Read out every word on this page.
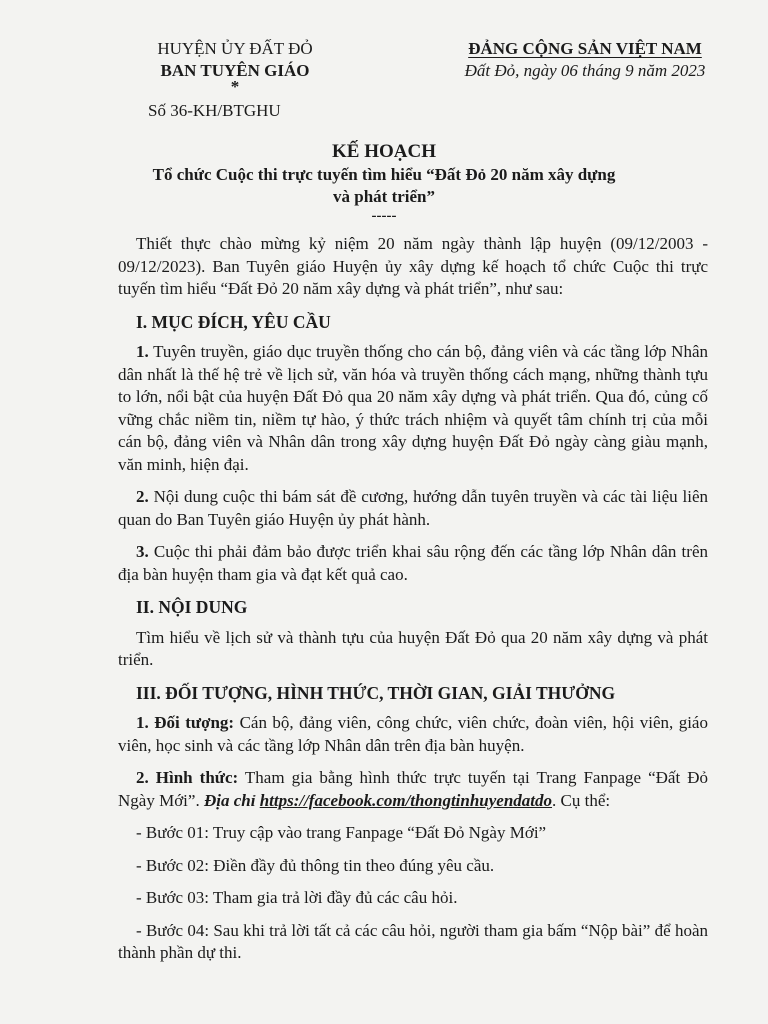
HUYỆN ỦY ĐẤT ĐỎ
BAN TUYÊN GIÁO
*
Số 36-KH/BTGHU
ĐẢNG CỘNG SẢN VIỆT NAM
Đất Đỏ, ngày 06 tháng 9 năm 2023
KẾ HOẠCH
Tổ chức Cuộc thi trực tuyến tìm hiểu “Đất Đỏ 20 năm xây dựng
và phát triển”
-----

Thiết thực chào mừng kỷ niệm 20 năm ngày thành lập huyện (09/12/2003 - 09/12/2023). Ban Tuyên giáo Huyện ủy xây dựng kế hoạch tổ chức Cuộc thi trực tuyến tìm hiểu “Đất Đỏ 20 năm xây dựng và phát triển”, như sau:

I. MỤC ĐÍCH, YÊU CẦU

1. Tuyên truyền, giáo dục truyền thống cho cán bộ, đảng viên và các tầng lớp Nhân dân nhất là thế hệ trẻ về lịch sử, văn hóa và truyền thống cách mạng, những thành tựu to lớn, nổi bật của huyện Đất Đỏ qua 20 năm xây dựng và phát triển. Qua đó, củng cố vững chắc niềm tin, niềm tự hào, ý thức trách nhiệm và quyết tâm chính trị của mỗi cán bộ, đảng viên và Nhân dân trong xây dựng huyện Đất Đỏ ngày càng giàu mạnh, văn minh, hiện đại.

2. Nội dung cuộc thi bám sát đề cương, hướng dẫn tuyên truyền và các tài liệu liên quan do Ban Tuyên giáo Huyện ủy phát hành.

3. Cuộc thi phải đảm bảo được triển khai sâu rộng đến các tầng lớp Nhân dân trên địa bàn huyện tham gia và đạt kết quả cao.

II. NỘI DUNG

Tìm hiểu về lịch sử và thành tựu của huyện Đất Đỏ qua 20 năm xây dựng và phát triển.

III. ĐỐI TƯỢNG, HÌNH THỨC, THỜI GIAN, GIẢI THƯỞNG

1. Đối tượng: Cán bộ, đảng viên, công chức, viên chức, đoàn viên, hội viên, giáo viên, học sinh và các tầng lớp Nhân dân trên địa bàn huyện.

2. Hình thức: Tham gia bằng hình thức trực tuyến tại Trang Fanpage “Đất Đỏ Ngày Mới”. Địa chỉ https://facebook.com/thongtinhuyendatdo. Cụ thể:

- Bước 01: Truy cập vào trang Fanpage “Đất Đỏ Ngày Mới”

- Bước 02: Điền đầy đủ thông tin theo đúng yêu cầu.

- Bước 03: Tham gia trả lời đầy đủ các câu hỏi.

- Bước 04: Sau khi trả lời tất cả các câu hỏi, người tham gia bấm “Nộp bài” để hoàn thành phần dự thi.
